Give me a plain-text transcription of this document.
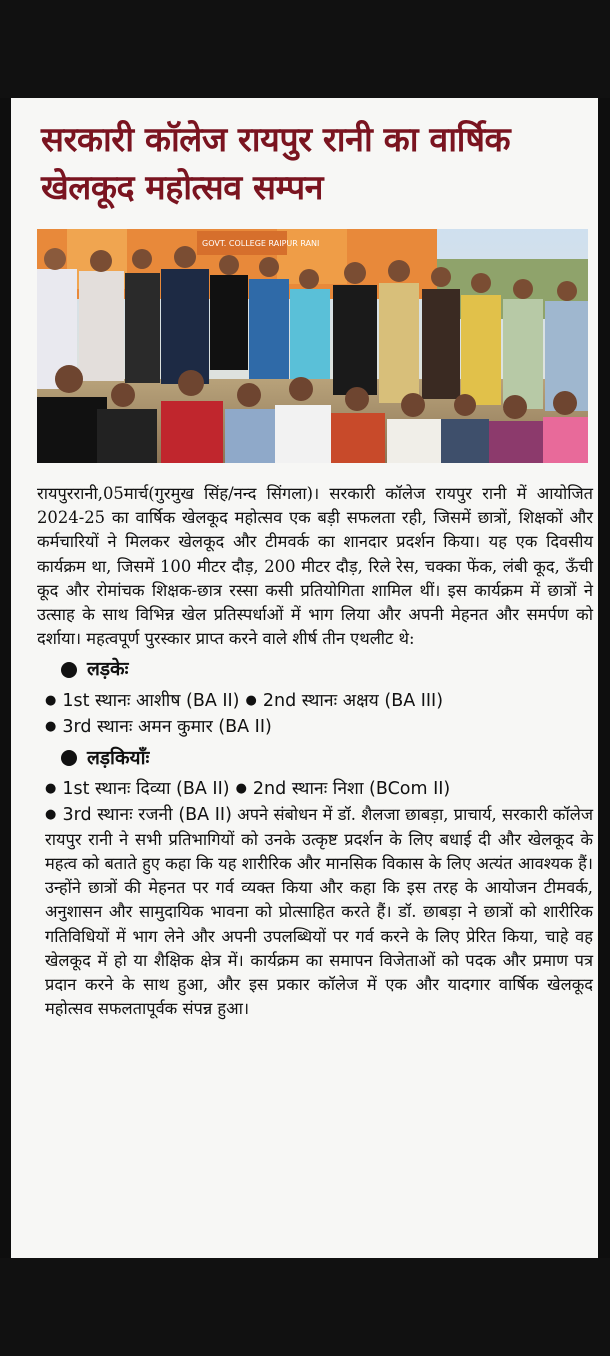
सरकारी कॉलेज रायपुर रानी का वार्षिक
खेलकूद महोत्सव सम्पन
GOVT. COLLEGE RAIPUR RANI

रायपुररानी,05मार्च(गुरमुख सिंह/नन्द सिंगला)। सरकारी कॉलेज रायपुर रानी में आयोजित 2024-25 का वार्षिक खेलकूद महोत्सव एक बड़ी सफलता रही, जिसमें छात्रों, शिक्षकों और कर्मचारियों ने मिलकर खेलकूद और टीमवर्क का शानदार प्रदर्शन किया। यह एक दिवसीय कार्यक्रम था, जिसमें 100 मीटर दौड़, 200 मीटर दौड़, रिले रेस, चक्का फेंक, लंबी कूद, ऊँची कूद और रोमांचक शिक्षक-छात्र रस्सा कसी प्रतियोगिता शामिल थीं। इस कार्यक्रम में छात्रों ने उत्साह के साथ विभिन्न खेल प्रतिस्पर्धाओं में भाग लिया और अपनी मेहनत और समर्पण को दर्शाया। महत्वपूर्ण पुरस्कार प्राप्त करने वाले शीर्ष तीन एथलीट थे:

लड़केः
● 1st स्थानः आशीष (BA II) ● 2nd स्थानः अक्षय (BA III)
● 3rd स्थानः अमन कुमार (BA II)
लड़कियाँः
● 1st स्थानः दिव्या (BA II) ● 2nd स्थानः निशा (BCom II)

● 3rd स्थानः रजनी (BA II) अपने संबोधन में डॉ. शैलजा छाबड़ा, प्राचार्य, सरकारी कॉलेज रायपुर रानी ने सभी प्रतिभागियों को उनके उत्कृष्ट प्रदर्शन के लिए बधाई दी और खेलकूद के महत्व को बताते हुए कहा कि यह शारीरिक और मानसिक विकास के लिए अत्यंत आवश्यक हैं। उन्होंने छात्रों की मेहनत पर गर्व व्यक्त किया और कहा कि इस तरह के आयोजन टीमवर्क, अनुशासन और सामुदायिक भावना को प्रोत्साहित करते हैं। डॉ. छाबड़ा ने छात्रों को शारीरिक गतिविधियों में भाग लेने और अपनी उपलब्धियों पर गर्व करने के लिए प्रेरित किया, चाहे वह खेलकूद में हो या शैक्षिक क्षेत्र में। कार्यक्रम का समापन विजेताओं को पदक और प्रमाण पत्र प्रदान करने के साथ हुआ, और इस प्रकार कॉलेज में एक और यादगार वार्षिक खेलकूद महोत्सव सफलतापूर्वक संपन्न हुआ।
